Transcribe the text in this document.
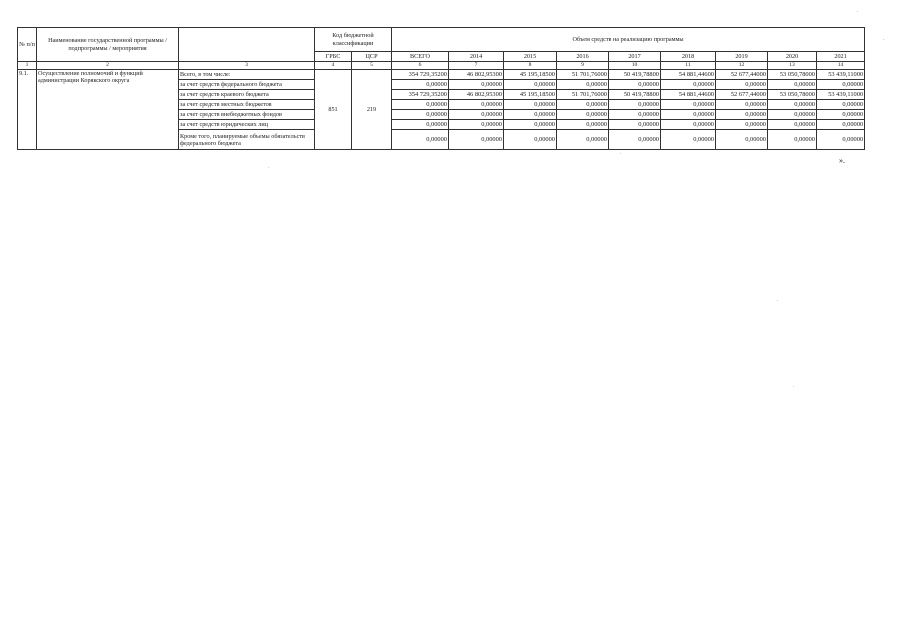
№ п/п	Наименование государственной программы / подпрограммы / мероприятия		Код бюджетной классификации		Объем средств на реализацию программы								
			ГРБС	ЦСР	ВСЕГО	2014	2015	2016	2017	2018	2019	2020	2021

1	2	3	4	5	6	7	8	9	10	11	12	13	14
9.1.	Осуществление полномочий и функций администрации Корякского округа	Всего, в том числе:	851	219	354 729,35200	46 802,95300	45 195,18500	51 701,76000	50 419,78800	54 881,44600	52 677,44000	53 050,78000	53 439,11000
		за счет средств федерального бюджета			0,00000	0,00000	0,00000	0,00000	0,00000	0,00000	0,00000	0,00000	0,00000
		за счет средств краевого бюджета			354 729,35200	46 802,95300	45 195,18500	51 701,76000	50 419,78800	54 881,44600	52 677,44000	53 050,78000	53 439,11000
		за счет средств местных бюджетов			0,00000	0,00000	0,00000	0,00000	0,00000	0,00000	0,00000	0,00000	0,00000
		за счет средств внебюджетных фондов			0,00000	0,00000	0,00000	0,00000	0,00000	0,00000	0,00000	0,00000	0,00000
		за счет средств юридических лиц			0,00000	0,00000	0,00000	0,00000	0,00000	0,00000	0,00000	0,00000	0,00000
		Кроме того, планируемые объемы обязательств федерального бюджета			0,00000	0,00000	0,00000	0,00000	0,00000	0,00000	0,00000	0,00000	0,00000
».
.
.
.
.
.
.
